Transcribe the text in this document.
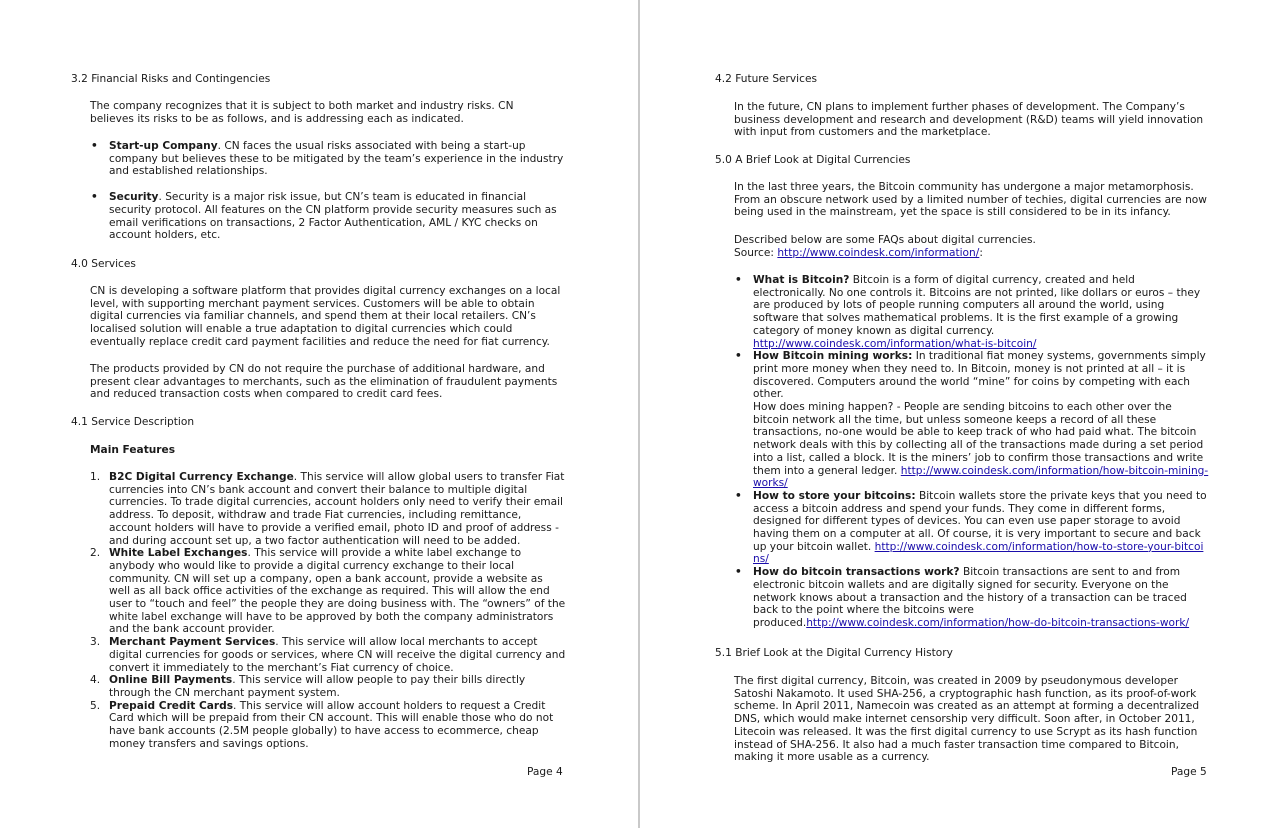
3.2 Financial Risks and Contingencies

The company recognizes that it is subject to both market and industry risks. CN believes its risks to be as follows, and is addressing each as indicated.

• Start-up Company. CN faces the usual risks associated with being a start-up company but believes these to be mitigated by the team’s experience in the industry and established relationships.
• Security. Security is a major risk issue, but CN’s team is educated in financial security protocol. All features on the CN platform provide security measures such as email verifications on transactions, 2 Factor Authentication, AML / KYC checks on account holders, etc.
4.0 Services

CN is developing a software platform that provides digital currency exchanges on a local level, with supporting merchant payment services. Customers will be able to obtain digital currencies via familiar channels, and spend them at their local retailers. CN’s localised solution will enable a true adaptation to digital currencies which could eventually replace credit card payment facilities and reduce the need for fiat currency.

The products provided by CN do not require the purchase of additional hardware, and present clear advantages to merchants, such as the elimination of fraudulent payments and reduced transaction costs when compared to credit card fees.

4.1 Service Description

Main Features

1. B2C Digital Currency Exchange. This service will allow global users to transfer Fiat currencies into CN’s bank account and convert their balance to multiple digital currencies. To trade digital currencies, account holders only need to verify their email address. To deposit, withdraw and trade Fiat currencies, including remittance, account holders will have to provide a verified email, photo ID and proof of address - and during account set up, a two factor authentication will need to be added.
2. White Label Exchanges. This service will provide a white label exchange to anybody who would like to provide a digital currency exchange to their local community. CN will set up a company, open a bank account, provide a website as well as all back office activities of the exchange as required. This will allow the end user to “touch and feel” the people they are doing business with. The “owners” of the white label exchange will have to be approved by both the company administrators and the bank account provider.
3. Merchant Payment Services. This service will allow local merchants to accept digital currencies for goods or services, where CN will receive the digital currency and convert it immediately to the merchant’s Fiat currency of choice.
4. Online Bill Payments. This service will allow people to pay their bills directly through the CN merchant payment system.
5. Prepaid Credit Cards. This service will allow account holders to request a Credit Card which will be prepaid from their CN account. This will enable those who do not have bank accounts (2.5M people globally) to have access to ecommerce, cheap money transfers and savings options.
Page 4
4.2 Future Services

In the future, CN plans to implement further phases of development. The Company’s business development and research and development (R&D) teams will yield innovation with input from customers and the marketplace.

5.0 A Brief Look at Digital Currencies

In the last three years, the Bitcoin community has undergone a major metamorphosis. From an obscure network used by a limited number of techies, digital currencies are now being used in the mainstream, yet the space is still considered to be in its infancy.

Described below are some FAQs about digital currencies.
Source: http://www.coindesk.com/information/:

• What is Bitcoin? Bitcoin is a form of digital currency, created and held electronically. No one controls it. Bitcoins are not printed, like dollars or euros – they are produced by lots of people running computers all around the world, using software that solves mathematical problems. It is the first example of a growing category of money known as digital currency.
http://www.coindesk.com/information/what-is-bitcoin/
• How Bitcoin mining works: In traditional fiat money systems, governments simply print more money when they need to. In Bitcoin, money is not printed at all – it is discovered. Computers around the world “mine” for coins by competing with each other.
How does mining happen? - People are sending bitcoins to each other over the bitcoin network all the time, but unless someone keeps a record of all these transactions, no-one would be able to keep track of who had paid what. The bitcoin network deals with this by collecting all of the transactions made during a set period into a list, called a block. It is the miners’ job to confirm those transactions and write them into a general ledger. http://www.coindesk.com/information/how-bitcoin-mining-works/
• How to store your bitcoins: Bitcoin wallets store the private keys that you need to access a bitcoin address and spend your funds. They come in different forms, designed for different types of devices. You can even use paper storage to avoid having them on a computer at all. Of course, it is very important to secure and back up your bitcoin wallet. http://www.coindesk.com/information/how-to-store-your-bitcoins/
• How do bitcoin transactions work? Bitcoin transactions are sent to and from electronic bitcoin wallets and are digitally signed for security. Everyone on the network knows about a transaction and the history of a transaction can be traced back to the point where the bitcoins were produced.http://www.coindesk.com/information/how-do-bitcoin-transactions-work/
5.1 Brief Look at the Digital Currency History

The first digital currency, Bitcoin, was created in 2009 by pseudonymous developer Satoshi Nakamoto. It used SHA-256, a cryptographic hash function, as its proof-of-work scheme. In April 2011, Namecoin was created as an attempt at forming a decentralized DNS, which would make internet censorship very difficult. Soon after, in October 2011, Litecoin was released. It was the first digital currency to use Scrypt as its hash function instead of SHA-256. It also had a much faster transaction time compared to Bitcoin, making it more usable as a currency.

Page 5
